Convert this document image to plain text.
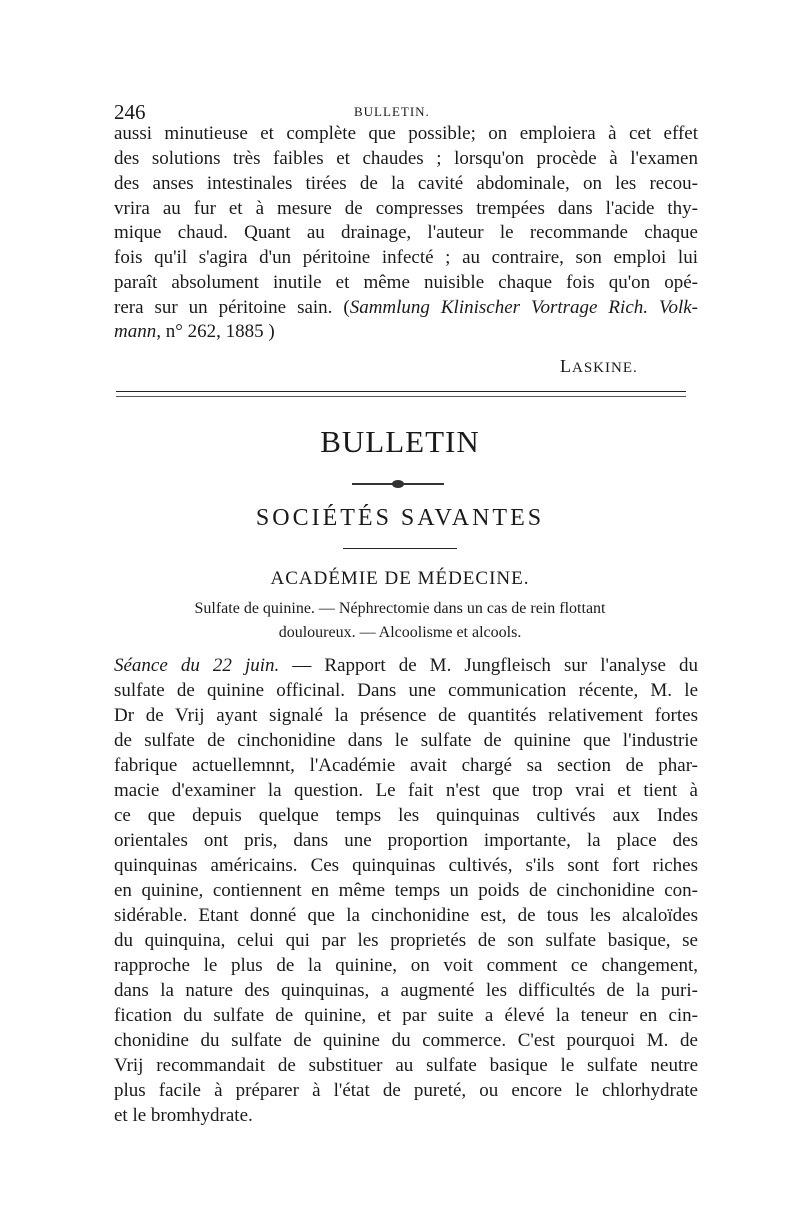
246	BULLETIN.
aussi minutieuse et complète que possible; on emploiera à cet effet
des solutions très faibles et chaudes ; lorsqu'on procède à l'examen
des anses intestinales tirées de la cavité abdominale, on les recou-
vrira au fur et à mesure de compresses trempées dans l'acide thy-
mique chaud. Quant au drainage, l'auteur le recommande chaque
fois qu'il s'agira d'un péritoine infecté ; au contraire, son emploi lui
paraît absolument inutile et même nuisible chaque fois qu'on opé-
rera sur un péritoine sain. (Sammlung Klinischer Vortrage Rich. Volk-
mann, n° 262, 1885 )
LASKINE.
BULLETIN
SOCIÉTÉS SAVANTES
ACADÉMIE DE MÉDECINE.
Sulfate de quinine. — Néphrectomie dans un cas de rein flottant
douloureux. — Alcoolisme et alcools.
Séance du 22 juin. — Rapport de M. Jungfleisch sur l'analyse du
sulfate de quinine officinal. Dans une communication récente, M. le
Dr de Vrij ayant signalé la présence de quantités relativement fortes
de sulfate de cinchonidine dans le sulfate de quinine que l'industrie
fabrique actuellemnnt, l'Académie avait chargé sa section de phar-
macie d'examiner la question. Le fait n'est que trop vrai et tient à
ce que depuis quelque temps les quinquinas cultivés aux Indes
orientales ont pris, dans une proportion importante, la place des
quinquinas américains. Ces quinquinas cultivés, s'ils sont fort riches
en quinine, contiennent en même temps un poids de cinchonidine con-
sidérable. Etant donné que la cinchonidine est, de tous les alcaloïdes
du quinquina, celui qui par les proprietés de son sulfate basique, se
rapproche le plus de la quinine, on voit comment ce changement,
dans la nature des quinquinas, a augmenté les difficultés de la puri-
fication du sulfate de quinine, et par suite a élevé la teneur en cin-
chonidine du sulfate de quinine du commerce. C'est pourquoi M. de
Vrij recommandait de substituer au sulfate basique le sulfate neutre
plus facile à préparer à l'état de pureté, ou encore le chlorhydrate
et le bromhydrate.
